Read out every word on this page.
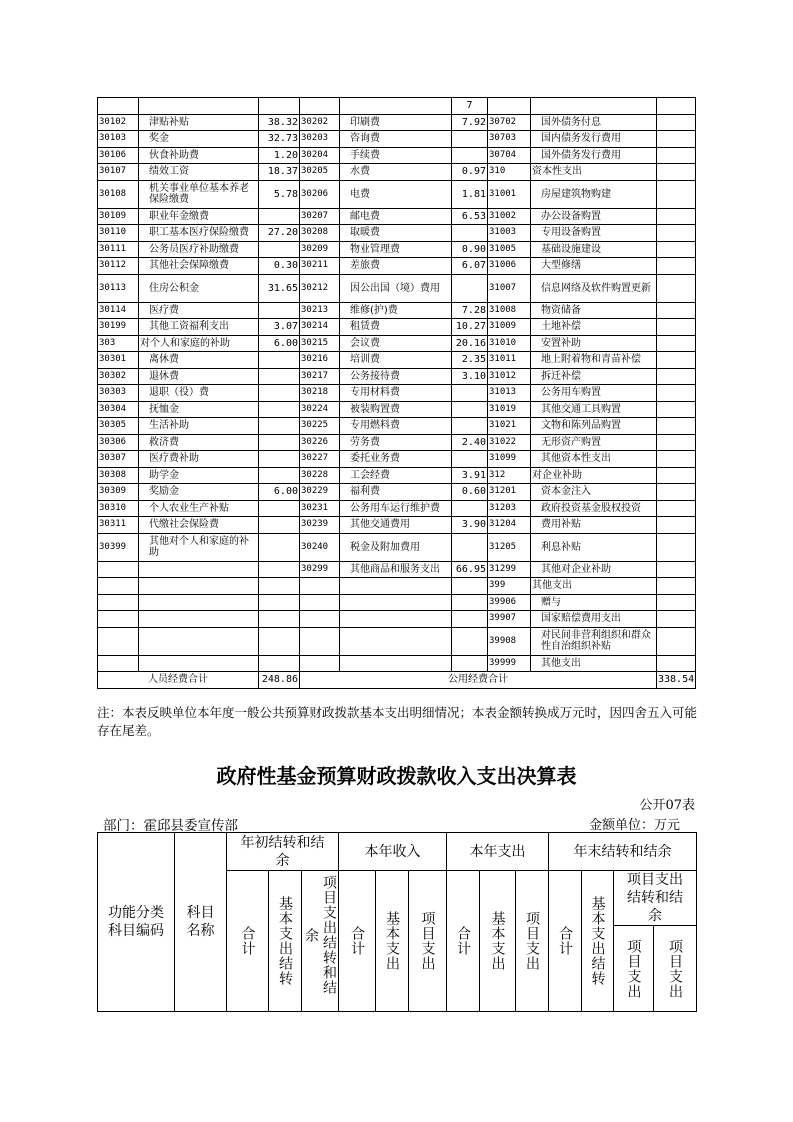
					7			
30102	津贴补贴	38.32	30202	印刷费	7.92	30702	国外债务付息	
30103	奖金	32.73	30203	咨询费		30703	国内债务发行费用	
30106	伙食补助费	1.20	30204	手续费		30704	国外债务发行费用	
30107	绩效工资	18.37	30205	水费	0.97	310	资本性支出	
30108	机关事业单位基本养老保险缴费	5.78	30206	电费	1.81	31001	房屋建筑物购建	
30109	职业年金缴费		30207	邮电费	6.53	31002	办公设备购置	
30110	职工基本医疗保险缴费	27.20	30208	取暖费		31003	专用设备购置	
30111	公务员医疗补助缴费		30209	物业管理费	0.90	31005	基础设施建设	
30112	其他社会保障缴费	0.30	30211	差旅费	6.07	31006	大型修缮	
30113	住房公积金	31.65	30212	因公出国（境）费用		31007	信息网络及软件购置更新	
30114	医疗费		30213	维修(护)费	7.28	31008	物资储备	
30199	其他工资福利支出	3.07	30214	租赁费	10.27	31009	土地补偿	
303	对个人和家庭的补助	6.00	30215	会议费	20.16	31010	安置补助	
30301	离休费		30216	培训费	2.35	31011	地上附着物和青苗补偿	
30302	退休费		30217	公务接待费	3.10	31012	拆迁补偿	
30303	退职（役）费		30218	专用材料费		31013	公务用车购置	
30304	抚恤金		30224	被装购置费		31019	其他交通工具购置	
30305	生活补助		30225	专用燃料费		31021	文物和陈列品购置	
30306	救济费		30226	劳务费	2.40	31022	无形资产购置	
30307	医疗费补助		30227	委托业务费		31099	其他资本性支出	
30308	助学金		30228	工会经费	3.91	312	对企业补助	
30309	奖励金	6.00	30229	福利费	0.60	31201	资本金注入	
30310	个人农业生产补贴		30231	公务用车运行维护费		31203	政府投资基金股权投资	
30311	代缴社会保险费		30239	其他交通费用	3.90	31204	费用补贴	
30399	其他对个人和家庭的补助		30240	税金及附加费用		31205	利息补贴	
			30299	其他商品和服务支出	66.95	31299	其他对企业补助	
						399	其他支出	
						39906	赠与	
						39907	国家赔偿费用支出	
						39908	对民间非营利组织和群众性自治组织补贴	
						39999	其他支出	
人员经费合计		248.86	公用经费合计					338.54
注：本表反映单位本年度一般公共预算财政拨款基本支出明细情况；本表金额转换成万元时，因四舍五入可能存在尾差。
政府性基金预算财政拨款收入支出决算表
公开07表
部门：霍邱县委宣传部	金额单位：万元
功能分类科目编码	科目名称	年初结转和结余			本年收入			本年支出			年末结转和结余			

		合计	基本支出结转	项目支出结转和结余	合计	基本支出	项目支出	合计	基本支出	项目支出	合计	基本支出结转	项目支出结转和结余	

													项目支出	项目支出
